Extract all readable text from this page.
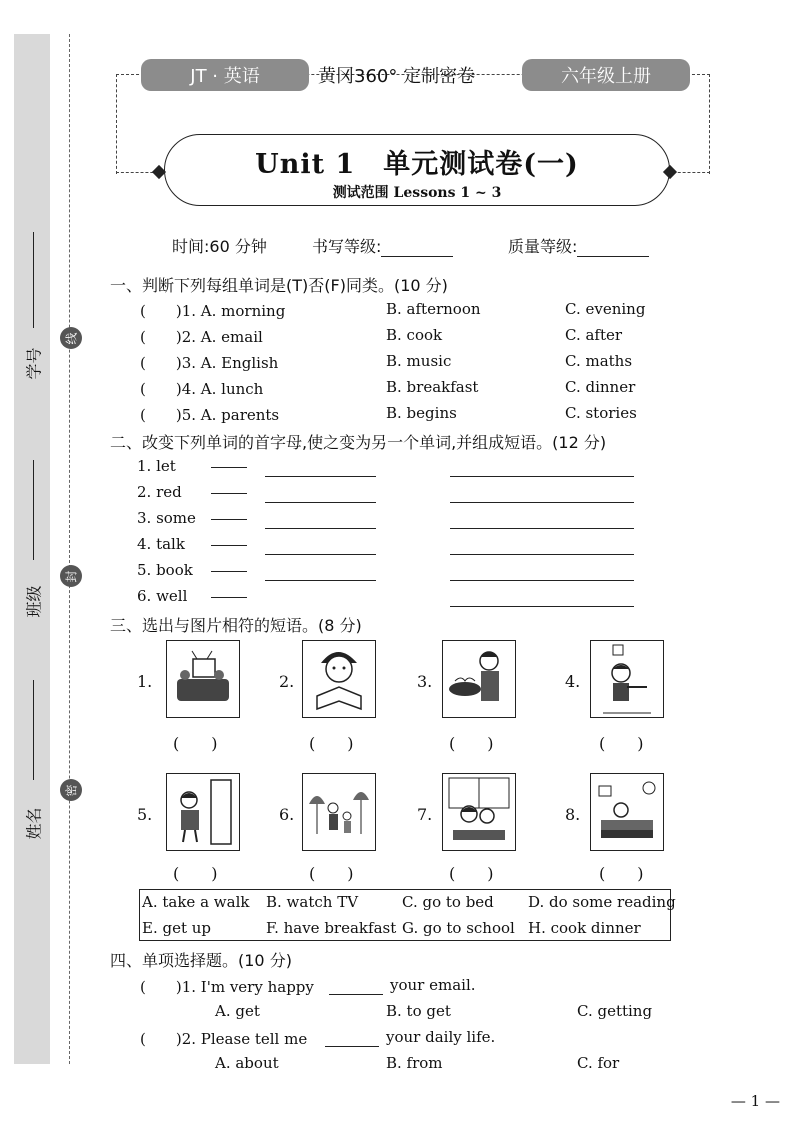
学号
班级
姓名
线
封
密
JT · 英语	黄冈360° 定制密卷	六年级上册
Unit 1　单元测试卷(一)
测试范围 Lessons 1 ~ 3
时间:60 分钟	书写等级:	质量等级:
一、判断下列每组单词是(T)否(F)同类。(10 分)
(　　)1. A. morning	B. afternoon	C. evening
(　　)2. A. email	B. cook	C. after
(　　)3. A. English	B. music	C. maths
(　　)4. A. lunch	B. breakfast	C. dinner
(　　)5. A. parents	B. begins	C. stories
二、改变下列单词的首字母,使之变为另一个单词,并组成短语。(12 分)
1. let
2. red
3. some
4. talk
5. book
6. well
三、选出与图片相符的短语。(8 分)
1.
(　　)
2.
(　　)
3.
(　　)
4.
(　　)
5.
(　　)
6.
(　　)
7.
(　　)
8.
(　　)
A. take a walk B. watch TV	C. go to bed D. do some reading
E. get up	F. have breakfast G. go to school H. cook dinner
四、单项选择题。(10 分)
(　　)1. I'm very happy	your email.
A. get	B. to get	C. getting
(　　)2. Please tell me	your daily life.
A. about	B. from	C. for
— 1 —
